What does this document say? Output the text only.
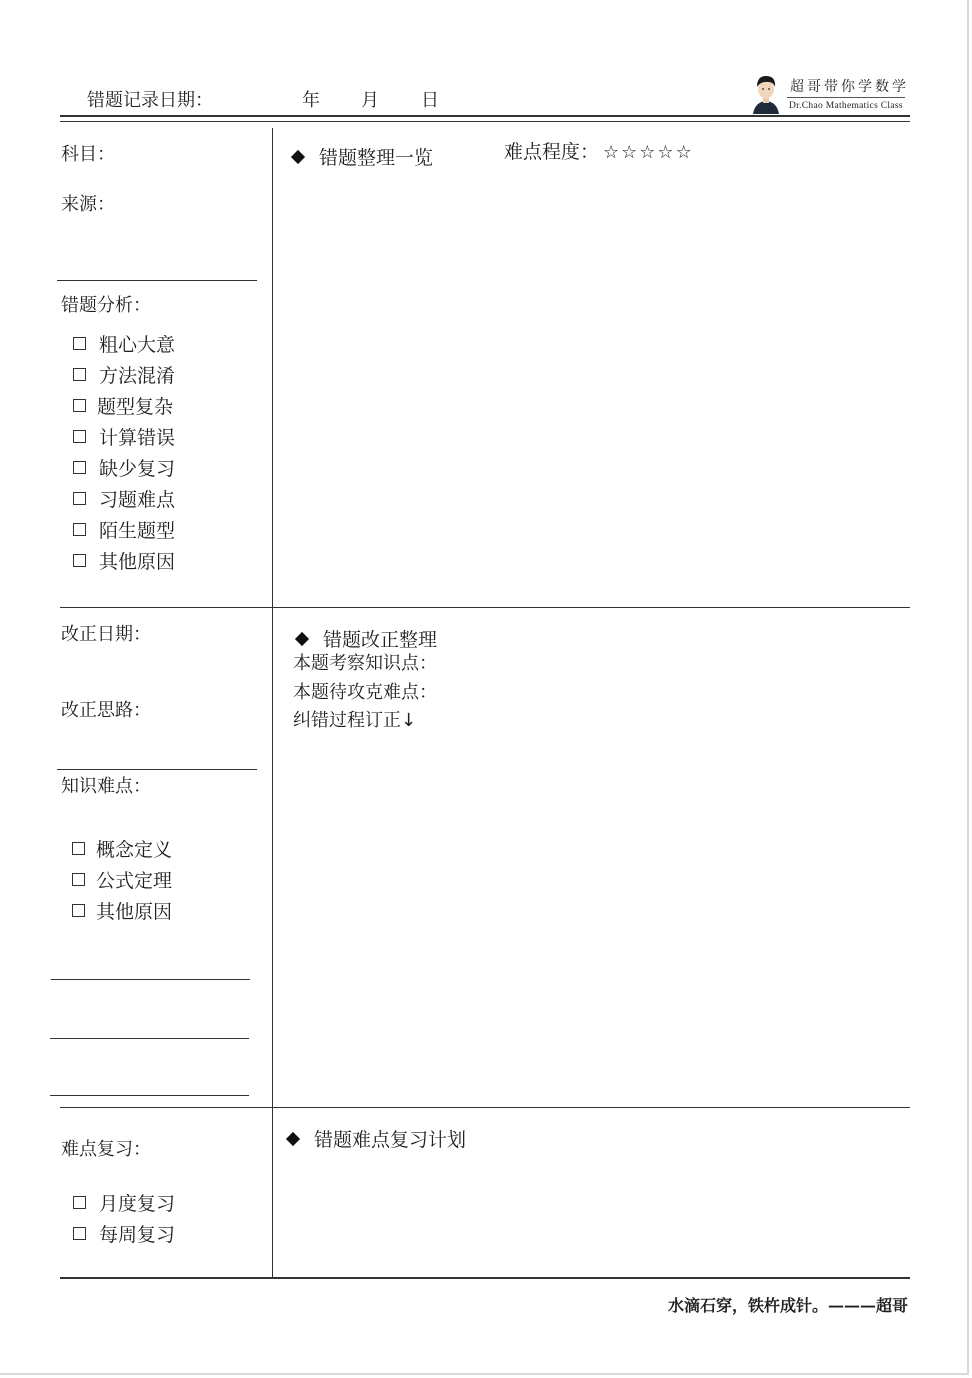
错题记录日期：	年 月 日
超哥带你学数学
Dr.Chao Mathematics Class
科目：
来源：
错题分析：
粗心大意
方法混淆
题型复杂
计算错误
缺少复习
习题难点
陌生题型
其他原因
错题整理一览	难点程度： ☆ ☆ ☆ ☆ ☆
改正日期：
改正思路：
知识难点：
概念定义
公式定理
其他原因
错题改正整理
本题考察知识点：
本题待攻克难点：
纠错过程订正↓
难点复习：
月度复习
每周复习
错题难点复习计划
水滴石穿，铁杵成针。———超哥
